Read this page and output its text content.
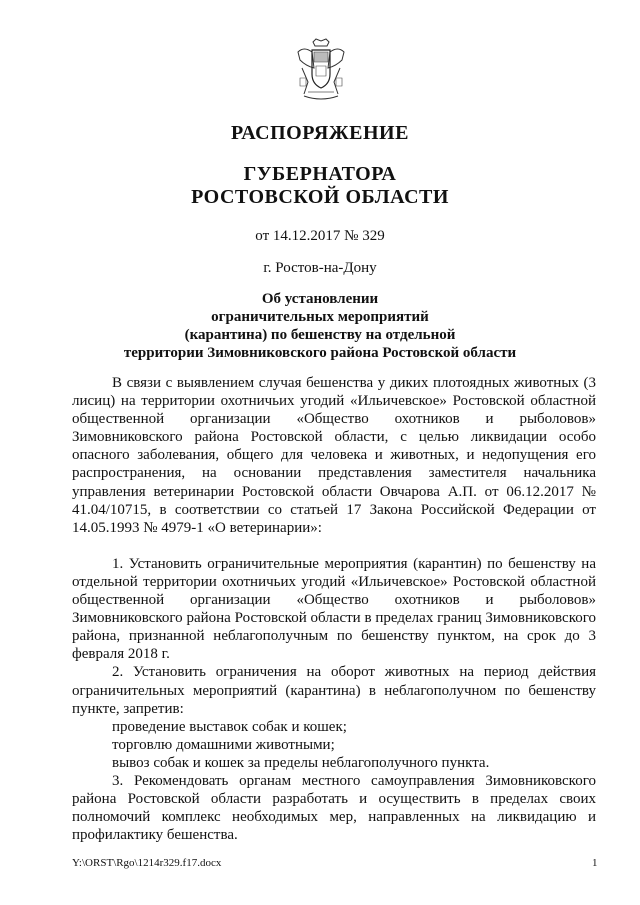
РАСПОРЯЖЕНИЕ
ГУБЕРНАТОРА
РОСТОВСКОЙ ОБЛАСТИ
от 14.12.2017 № 329
г. Ростов-на-Дону
Об установлении
ограничительных мероприятий
(карантина) по бешенству на отдельной
территории Зимовниковского района Ростовской области

В связи с выявлением случая бешенства у диких плотоядных животных (3 лисиц) на территории охотничьих угодий «Ильичевское» Ростовской областной общественной организации «Общество охотников и рыболовов» Зимовниковского района Ростовской области, с целью ликвидации особо опасного заболевания, общего для человека и животных, и недопущения его распространения, на основании представления заместителя начальника управления ветеринарии Ростовской области Овчарова А.П. от 06.12.2017 № 41.04/10715, в соответствии со статьей 17 Закона Российской Федерации от 14.05.1993 № 4979-1 «О ветеринарии»:

1. Установить ограничительные мероприятия (карантин) по бешенству на отдельной территории охотничьих угодий «Ильичевское» Ростовской областной общественной организации «Общество охотников и рыболовов» Зимовниковского района Ростовской области в пределах границ Зимовниковского района, признанной неблагополучным по бешенству пунктом, на срок до 3 февраля 2018 г.

2. Установить ограничения на оборот животных на период действия ограничительных мероприятий (карантина) в неблагополучном по бешенству пункте, запретив:

проведение выставок собак и кошек;

торговлю домашними животными;

вывоз собак и кошек за пределы неблагополучного пункта.

3. Рекомендовать органам местного самоуправления Зимовниковского района Ростовской области разработать и осуществить в пределах своих полномочий комплекс необходимых мер, направленных на ликвидацию и профилактику бешенства.

Y:\ORST\Rgo\1214r329.f17.docx	1
